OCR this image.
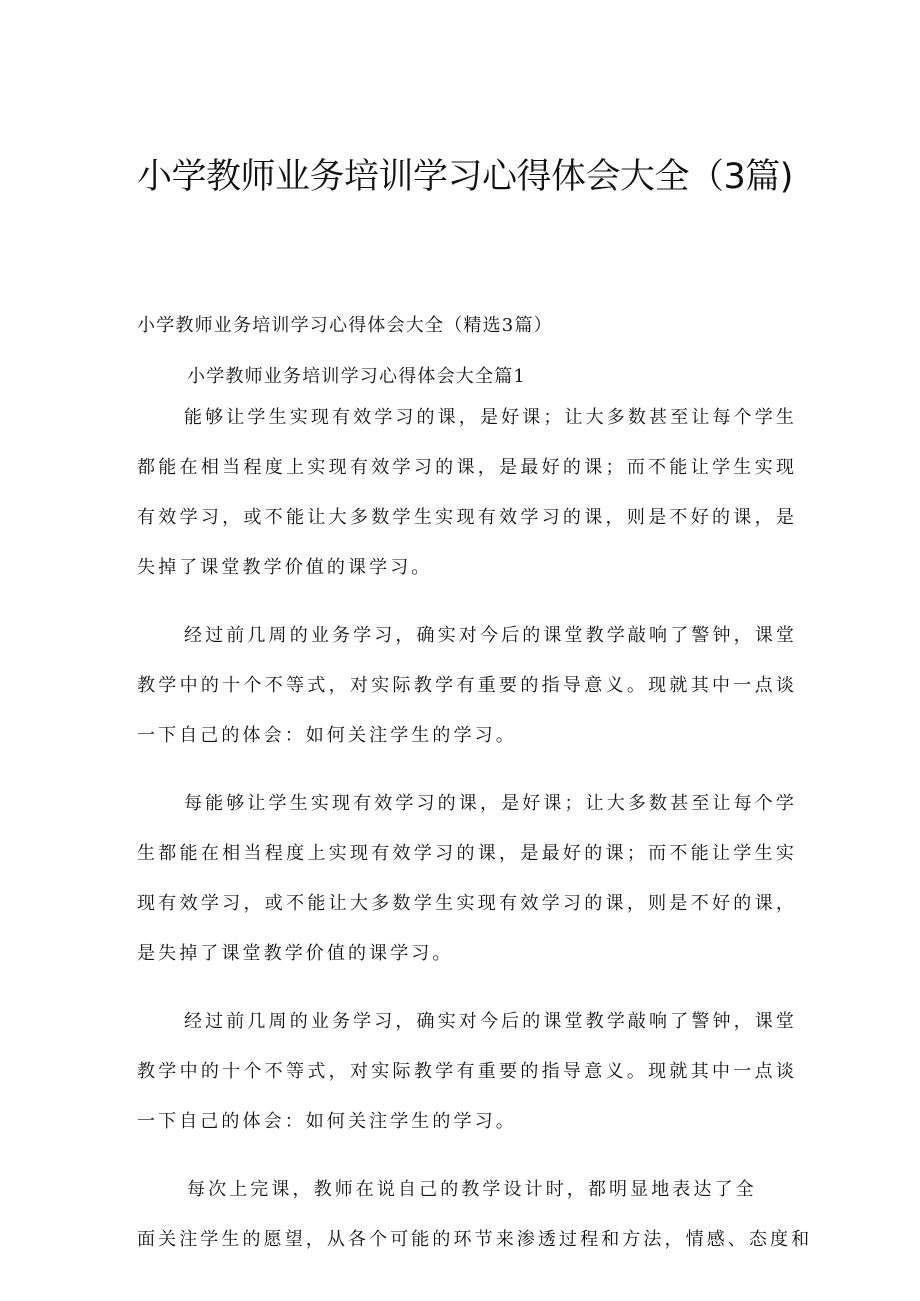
小学教师业务培训学习心得体会大全（3篇)

小学教师业务培训学习心得体会大全（精选3篇）

小学教师业务培训学习心得体会大全篇1

能够让学生实现有效学习的课，是好课；让大多数甚至让每个学生都能在相当程度上实现有效学习的课，是最好的课；而不能让学生实现有效学习，或不能让大多数学生实现有效学习的课，则是不好的课，是失掉了课堂教学价值的课学习。

经过前几周的业务学习，确实对今后的课堂教学敲响了警钟，课堂教学中的十个不等式，对实际教学有重要的指导意义。现就其中一点谈一下自己的体会：如何关注学生的学习。

每能够让学生实现有效学习的课，是好课；让大多数甚至让每个学生都能在相当程度上实现有效学习的课，是最好的课；而不能让学生实现有效学习，或不能让大多数学生实现有效学习的课，则是不好的课，是失掉了课堂教学价值的课学习。

经过前几周的业务学习，确实对今后的课堂教学敲响了警钟，课堂教学中的十个不等式，对实际教学有重要的指导意义。现就其中一点谈一下自己的体会：如何关注学生的学习。

每次上完课，教师在说自己的教学设计时，都明显地表达了全

面关注学生的愿望，从各个可能的环节来渗透过程和方法，情感、态度和
